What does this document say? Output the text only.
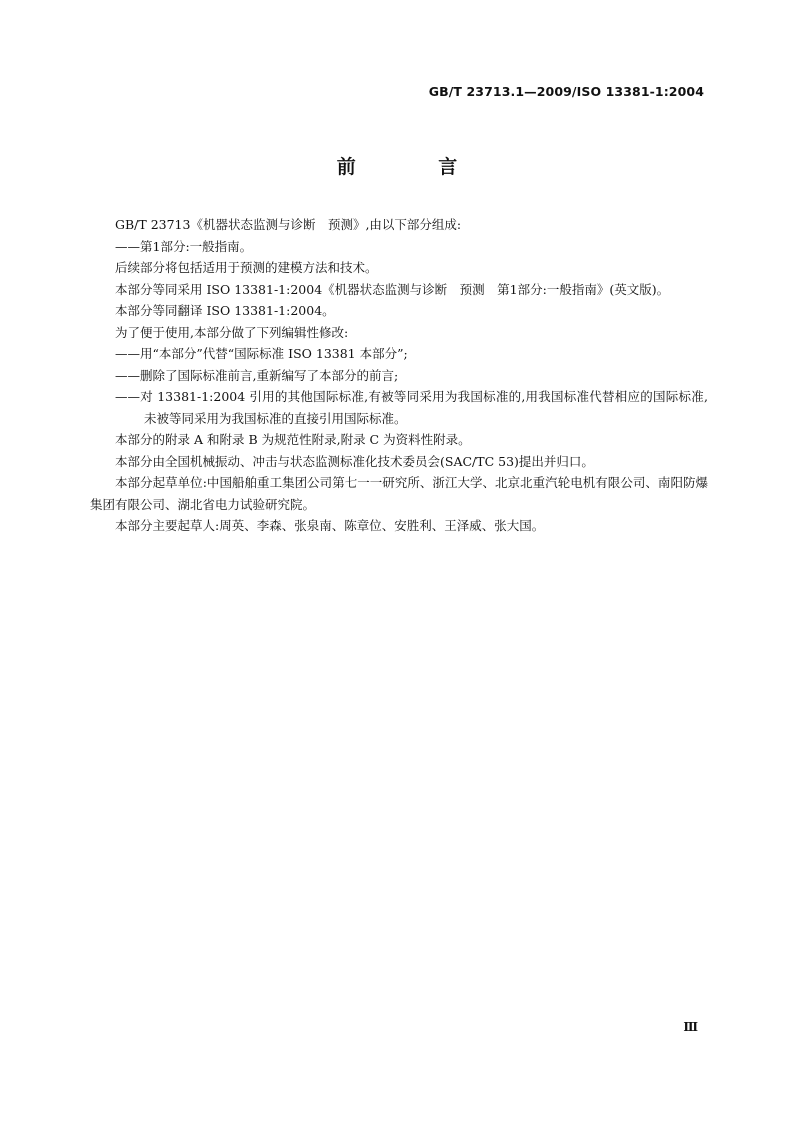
GB/T 23713.1—2009/ISO 13381-1:2004
前 言

GB/T 23713《机器状态监测与诊断　预测》,由以下部分组成:

——第1部分:一般指南。

后续部分将包括适用于预测的建模方法和技术。

本部分等同采用 ISO 13381-1:2004《机器状态监测与诊断　预测　第1部分:一般指南》(英文版)。

本部分等同翻译 ISO 13381-1:2004。

为了便于使用,本部分做了下列编辑性修改:

——用“本部分”代替“国际标准 ISO 13381 本部分”;

——删除了国际标准前言,重新编写了本部分的前言;

——对 13381-1:2004 引用的其他国际标准,有被等同采用为我国标准的,用我国标准代替相应的国际标准,未被等同采用为我国标准的直接引用国际标准。

本部分的附录 A 和附录 B 为规范性附录,附录 C 为资料性附录。

本部分由全国机械振动、冲击与状态监测标准化技术委员会(SAC/TC 53)提出并归口。

本部分起草单位:中国船舶重工集团公司第七一一研究所、浙江大学、北京北重汽轮电机有限公司、南阳防爆集团有限公司、湖北省电力试验研究院。

本部分主要起草人:周英、李森、张泉南、陈章位、安胜利、王泽威、张大国。

Ⅲ
